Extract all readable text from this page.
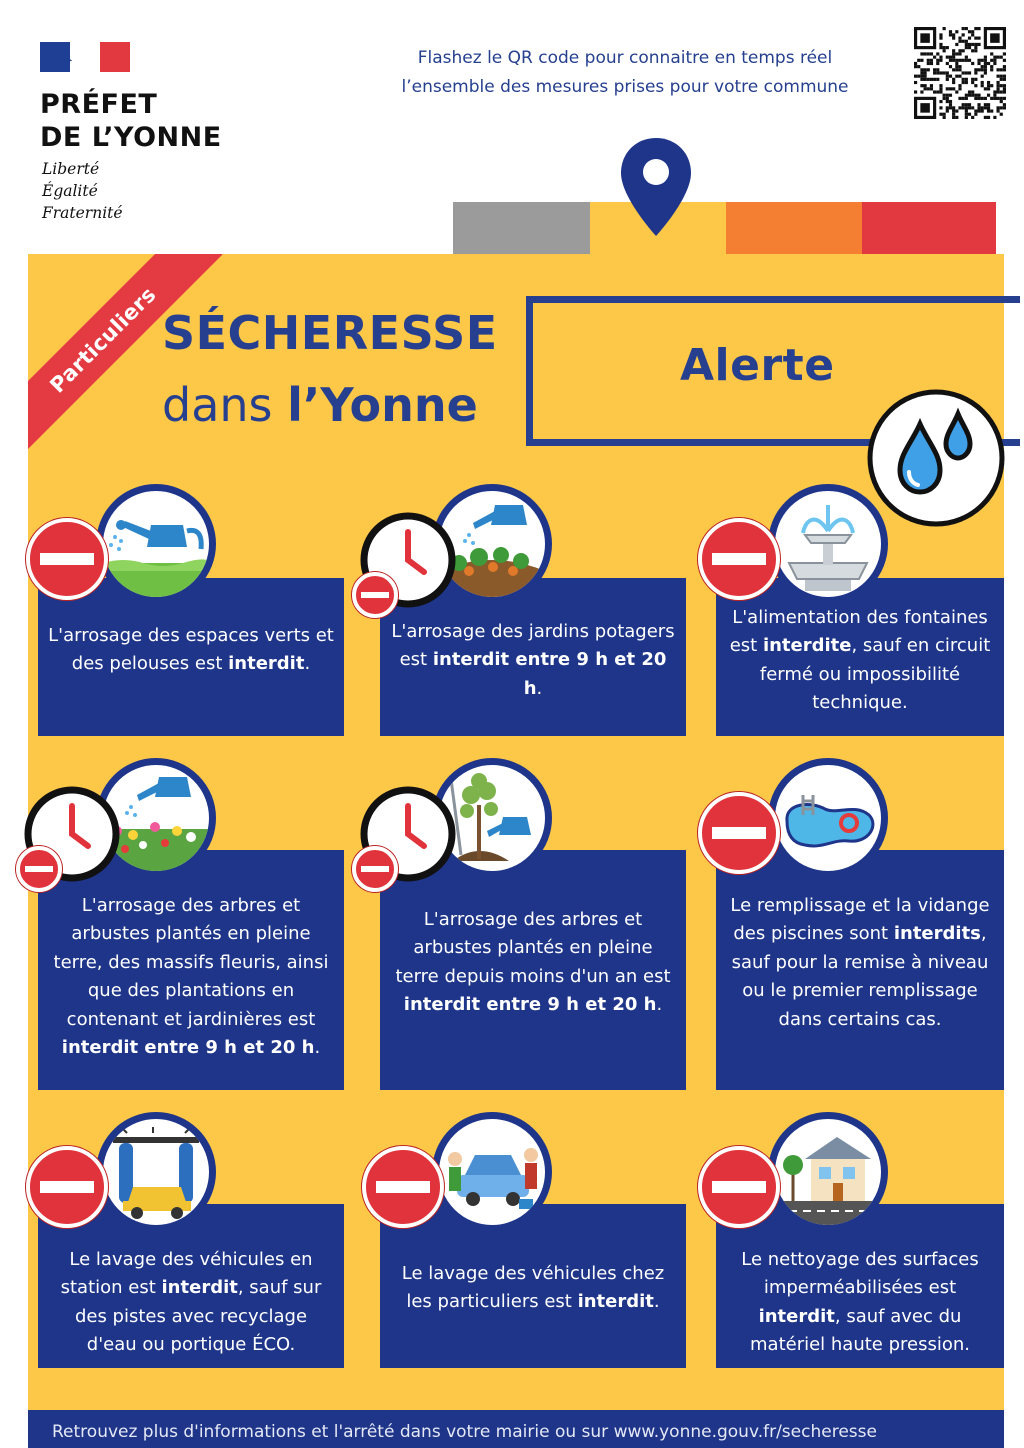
PRÉFET
DE L’YONNE
Liberté
Égalité
Fraternité
Flashez le QR code pour connaitre en temps réel
l’ensemble des mesures prises pour votre commune
Particuliers SÉCHERESSE
dans l’Yonne
Alerte
L'arrosage des espaces verts et des pelouses est interdit.
L'arrosage des jardins potagers est interdit entre 9 h et 20 h.
L'alimentation des fontaines est interdite, sauf en circuit fermé ou impossibilité technique.
L'arrosage des arbres et arbustes plantés en pleine terre, des massifs fleuris, ainsi que des plantations en contenant et jardinières est interdit entre 9 h et 20 h.
L'arrosage des arbres et arbustes plantés en pleine terre depuis moins d'un an est interdit entre 9 h et 20 h.
Le remplissage et la vidange des piscines sont interdits, sauf pour la remise à niveau ou le premier remplissage dans certains cas.
Le lavage des véhicules en station est interdit, sauf sur des pistes avec recyclage d'eau ou portique ÉCO.
Le lavage des véhicules chez les particuliers est interdit.
Le nettoyage des surfaces imperméabilisées est interdit, sauf avec du matériel haute pression.
Retrouvez plus d'informations et l'arrêté dans votre mairie ou sur www.yonne.gouv.fr/secheresse
